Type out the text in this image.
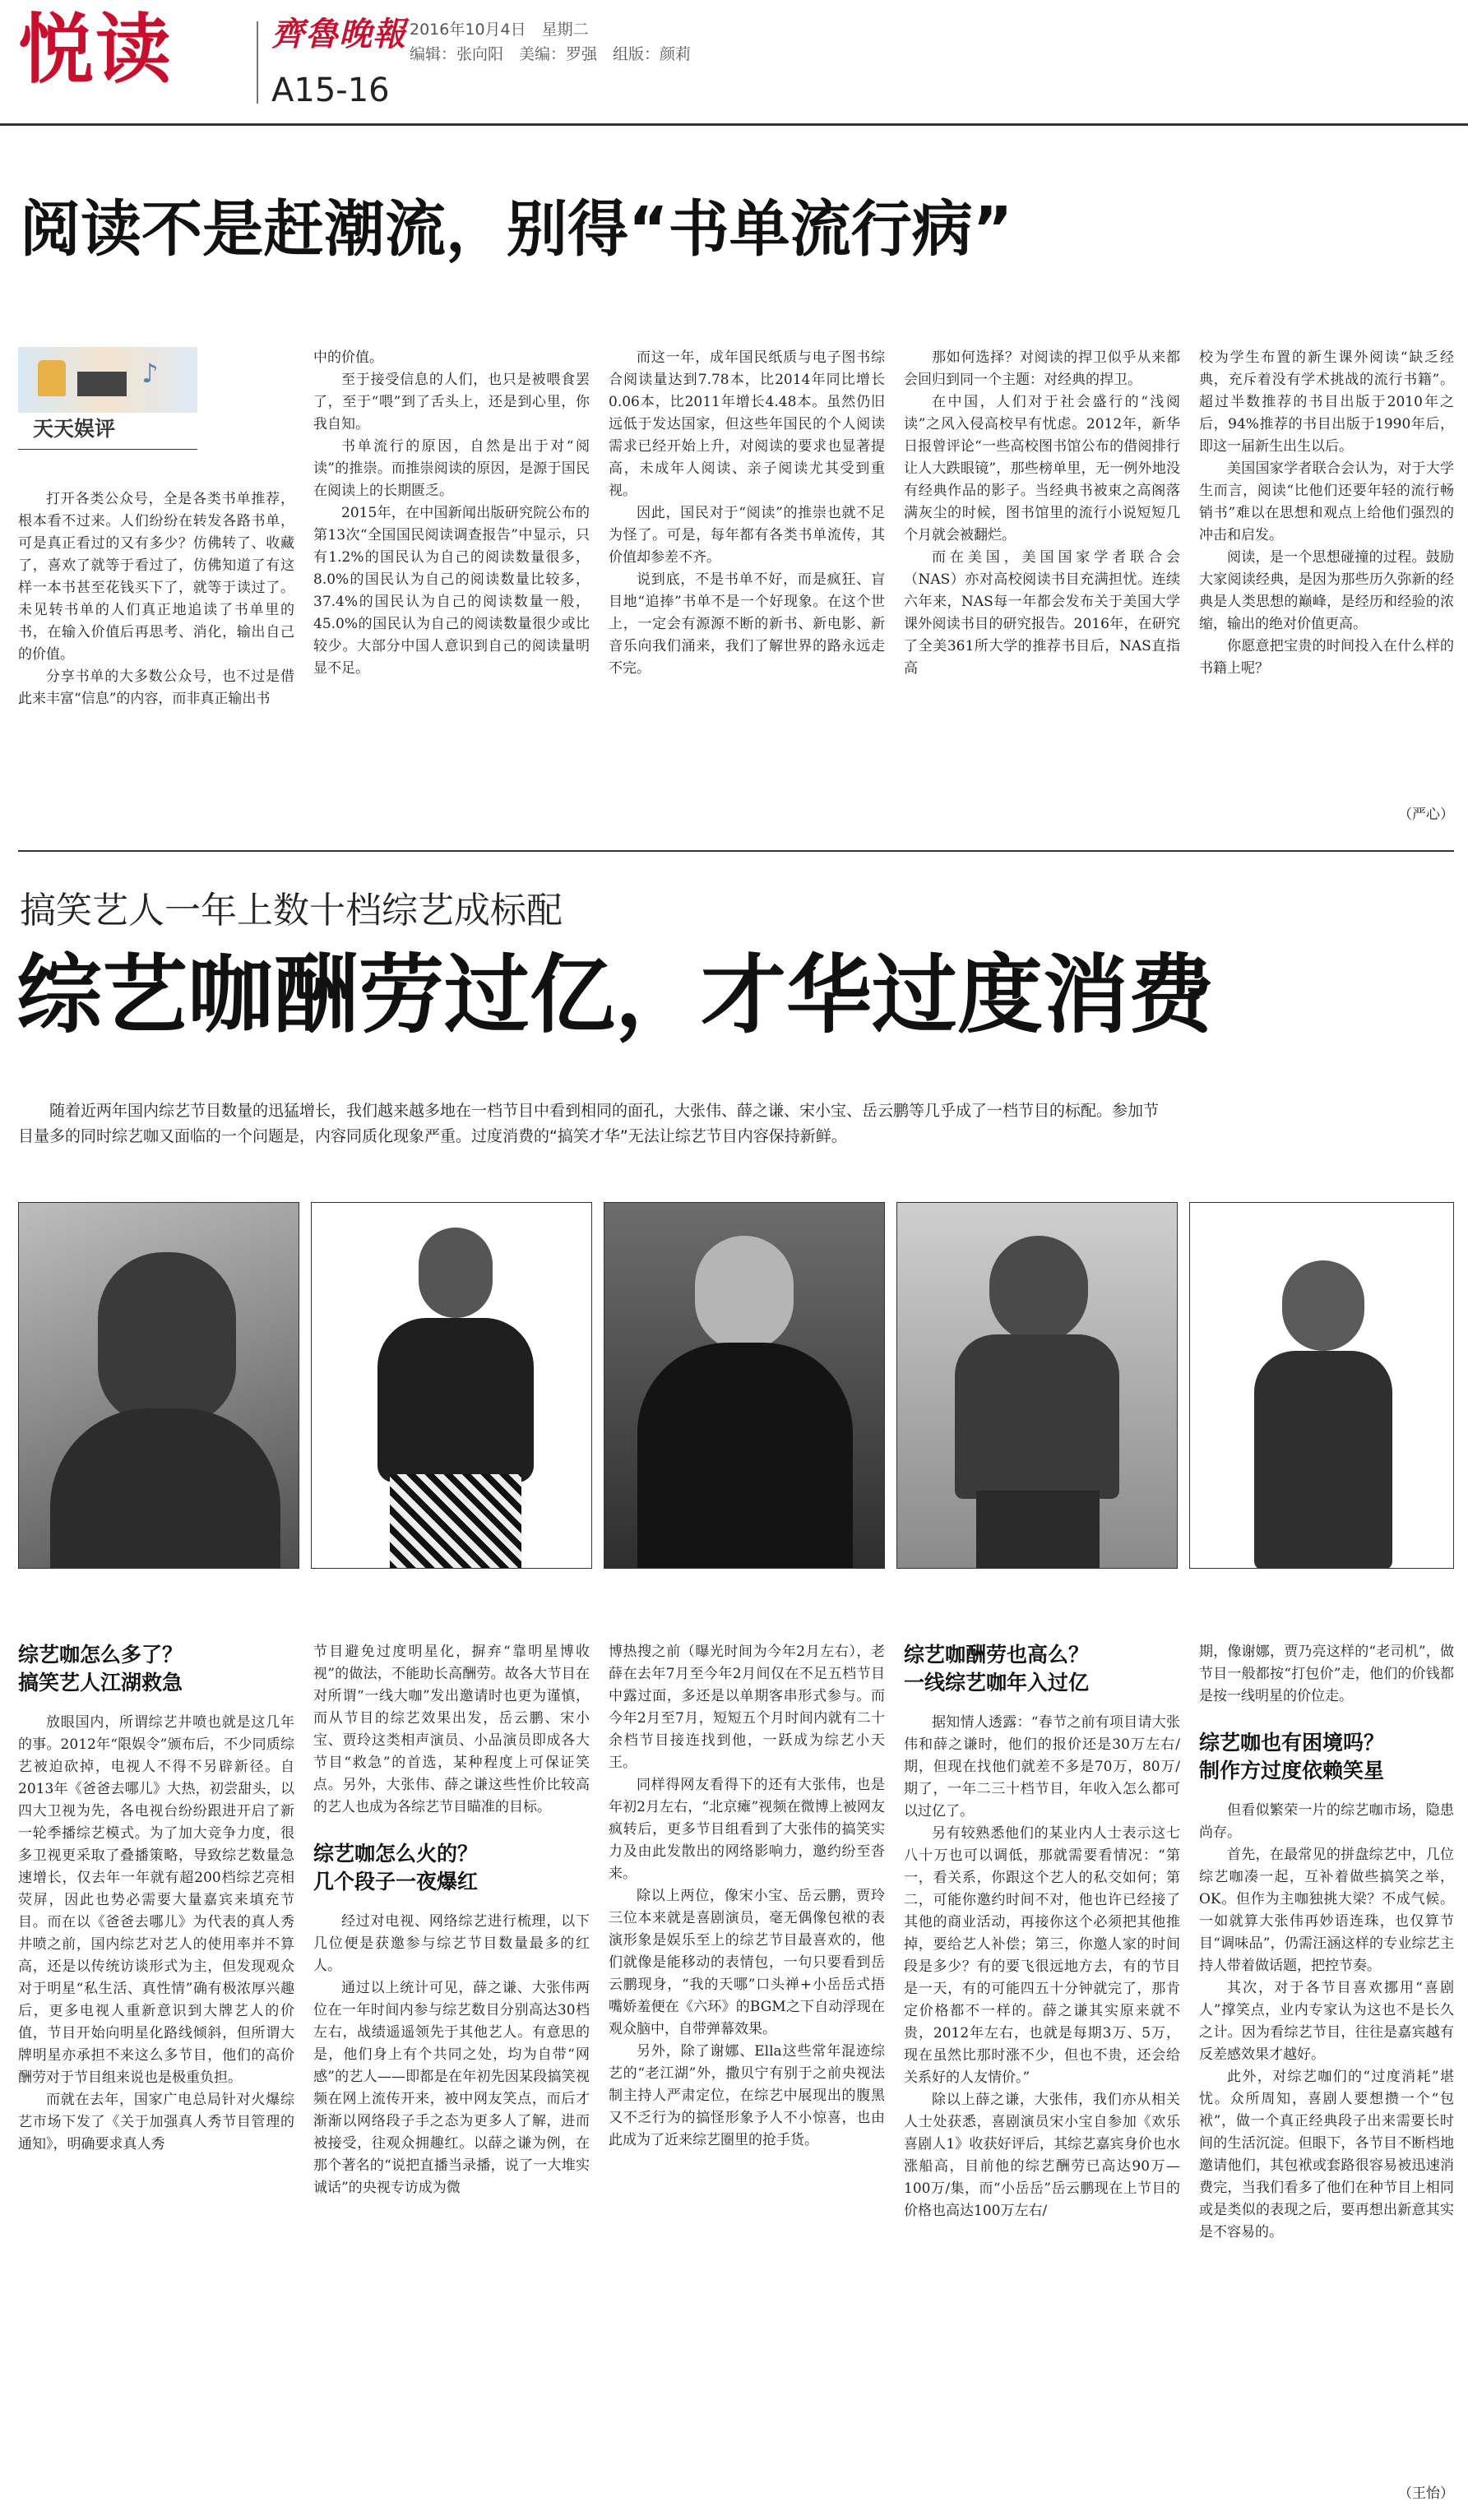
悦读	齊魯晚報 2016年10月4日　星期二
编辑：张向阳　美编：罗强　组版：颜莉
A15-16
阅读不是赶潮流，别得“书单流行病”
♪
天天娱评

打开各类公众号，全是各类书单推荐，根本看不过来。人们纷纷在转发各路书单，可是真正看过的又有多少？仿佛转了、收藏了，喜欢了就等于看过了，仿佛知道了有这样一本书甚至花钱买下了，就等于读过了。未见转书单的人们真正地追读了书单里的书，在输入价值后再思考、消化，输出自己的价值。

分享书单的大多数公众号，也不过是借此来丰富“信息”的内容，而非真正输出书

中的价值。

至于接受信息的人们，也只是被喂食罢了，至于“喂”到了舌头上，还是到心里，你我自知。

书单流行的原因，自然是出于对“阅读”的推崇。而推崇阅读的原因，是源于国民在阅读上的长期匮乏。

2015年，在中国新闻出版研究院公布的第13次“全国国民阅读调查报告”中显示，只有1.2%的国民认为自己的阅读数量很多，8.0%的国民认为自己的阅读数量比较多，37.4%的国民认为自己的阅读数量一般，45.0%的国民认为自己的阅读数量很少或比较少。大部分中国人意识到自己的阅读量明显不足。

而这一年，成年国民纸质与电子图书综合阅读量达到7.78本，比2014年同比增长0.06本，比2011年增长4.48本。虽然仍旧远低于发达国家，但这些年国民的个人阅读需求已经开始上升，对阅读的要求也显著提高，未成年人阅读、亲子阅读尤其受到重视。

因此，国民对于“阅读”的推崇也就不足为怪了。可是，每年都有各类书单流传，其价值却参差不齐。

说到底，不是书单不好，而是疯狂、盲目地“追捧”书单不是一个好现象。在这个世上，一定会有源源不断的新书、新电影、新音乐向我们涌来，我们了解世界的路永远走不完。

那如何选择？对阅读的捍卫似乎从来都会回归到同一个主题：对经典的捍卫。

在中国，人们对于社会盛行的“浅阅读”之风入侵高校早有忧虑。2012年，新华日报曾评论“一些高校图书馆公布的借阅排行让人大跌眼镜”，那些榜单里，无一例外地没有经典作品的影子。当经典书被束之高阁落满灰尘的时候，图书馆里的流行小说短短几个月就会被翻烂。

而在美国，美国国家学者联合会（NAS）亦对高校阅读书目充满担忧。连续六年来，NAS每一年都会发布关于美国大学课外阅读书目的研究报告。2016年，在研究了全美361所大学的推荐书目后，NAS直指高

校为学生布置的新生课外阅读“缺乏经典，充斥着没有学术挑战的流行书籍”。超过半数推荐的书目出版于2010年之后，94%推荐的书目出版于1990年后，即这一届新生出生以后。

美国国家学者联合会认为，对于大学生而言，阅读“比他们还要年轻的流行畅销书”难以在思想和观点上给他们强烈的冲击和启发。

阅读，是一个思想碰撞的过程。鼓励大家阅读经典，是因为那些历久弥新的经典是人类思想的巅峰，是经历和经验的浓缩，输出的绝对价值更高。

你愿意把宝贵的时间投入在什么样的书籍上呢？

（严心）
搞笑艺人一年上数十档综艺成标配
综艺咖酬劳过亿，才华过度消费
随着近两年国内综艺节目数量的迅猛增长，我们越来越多地在一档节目中看到相同的面孔，大张伟、薛之谦、宋小宝、岳云鹏等几乎成了一档节目的标配。参加节目量多的同时综艺咖又面临的一个问题是，内容同质化现象严重。过度消费的“搞笑才华”无法让综艺节目内容保持新鲜。
综艺咖怎么多了？
搞笑艺人江湖救急

放眼国内，所谓综艺井喷也就是这几年的事。2012年“限娱令”颁布后，不少同质综艺被迫砍掉，电视人不得不另辟新径。自2013年《爸爸去哪儿》大热，初尝甜头，以四大卫视为先，各电视台纷纷跟进开启了新一轮季播综艺模式。为了加大竞争力度，很多卫视更采取了叠播策略，导致综艺数量急速增长，仅去年一年就有超200档综艺亮相荧屏，因此也势必需要大量嘉宾来填充节目。而在以《爸爸去哪儿》为代表的真人秀井喷之前，国内综艺对艺人的使用率并不算高，还是以传统访谈形式为主，但发现观众对于明星“私生活、真性情”确有极浓厚兴趣后，更多电视人重新意识到大牌艺人的价值，节目开始向明星化路线倾斜，但所谓大牌明星亦承担不来这么多节目，他们的高价酬劳对于节目组来说也是极重负担。

而就在去年，国家广电总局针对火爆综艺市场下发了《关于加强真人秀节目管理的通知》，明确要求真人秀

节目避免过度明星化，摒弃“靠明星博收视”的做法，不能助长高酬劳。故各大节目在对所谓“一线大咖”发出邀请时也更为谨慎，而从节目的综艺效果出发，岳云鹏、宋小宝、贾玲这类相声演员、小品演员即成各大节目“救急”的首选，某种程度上可保证笑点。另外，大张伟、薛之谦这些性价比较高的艺人也成为各综艺节目瞄准的目标。

综艺咖怎么火的？
几个段子一夜爆红

经过对电视、网络综艺进行梳理，以下几位便是获邀参与综艺节目数量最多的红人。

通过以上统计可见，薛之谦、大张伟两位在一年时间内参与综艺数目分别高达30档左右，战绩遥遥领先于其他艺人。有意思的是，他们身上有个共同之处，均为自带“网感”的艺人——即都是在年初先因某段搞笑视频在网上流传开来，被中网友笑点，而后才渐渐以网络段子手之态为更多人了解，进而被接受，往观众拥趣红。以薛之谦为例，在那个著名的“说把直播当录播，说了一大堆实诚话”的央视专访成为微

博热搜之前（曝光时间为今年2月左右），老薛在去年7月至今年2月间仅在不足五档节目中露过面，多还是以单期客串形式参与。而今年2月至7月，短短五个月时间内就有二十余档节目接连找到他，一跃成为综艺小天王。

同样得网友看得下的还有大张伟，也是年初2月左右，“北京瘫”视频在微博上被网友疯转后，更多节目组看到了大张伟的搞笑实力及由此发散出的网络影响力，邀约纷至沓来。

除以上两位，像宋小宝、岳云鹏，贾玲三位本来就是喜剧演员，毫无偶像包袱的表演形象是娱乐至上的综艺节目最喜欢的，他们就像是能移动的表情包，一句只要看到岳云鹏现身，“我的天哪”口头禅+小岳岳式捂嘴娇羞便在《六环》的BGM之下自动浮现在观众脑中，自带弹幕效果。

另外，除了谢娜、Ella这些常年混迹综艺的“老江湖”外，撒贝宁有别于之前央视法制主持人严肃定位，在综艺中展现出的腹黑又不乏行为的搞怪形象予人不小惊喜，也由此成为了近来综艺圈里的抢手货。

综艺咖酬劳也高么？
一线综艺咖年入过亿

据知情人透露：“春节之前有项目请大张伟和薛之谦时，他们的报价还是30万左右/期，但现在找他们就差不多是70万，80万/期了，一年二三十档节目，年收入怎么都可以过亿了。

另有较熟悉他们的某业内人士表示这七八十万也可以调低，那就需要看情况：“第一，看关系，你跟这个艺人的私交如何；第二，可能你邀约时间不对，他也许已经接了其他的商业活动，再接你这个必须把其他推掉，要给艺人补偿；第三，你邀人家的时间段是多少？有的要飞很远地方去，有的节目是一天，有的可能四五十分钟就完了，那肯定价格都不一样的。薛之谦其实原来就不贵，2012年左右，也就是每期3万、5万，现在虽然比那时涨不少，但也不贵，还会给关系好的人友情价。”

除以上薛之谦，大张伟，我们亦从相关人士处获悉，喜剧演员宋小宝自参加《欢乐喜剧人1》收获好评后，其综艺嘉宾身价也水涨船高，目前他的综艺酬劳已高达90万—100万/集，而“小岳岳”岳云鹏现在上节目的价格也高达100万左右/

期，像谢娜，贾乃亮这样的“老司机”，做节目一般都按“打包价”走，他们的价钱都是按一线明星的价位走。

综艺咖也有困境吗？
制作方过度依赖笑星

但看似繁荣一片的综艺咖市场，隐患尚存。

首先，在最常见的拼盘综艺中，几位综艺咖凑一起，互补着做些搞笑之举，OK。但作为主咖独挑大梁？不成气候。一如就算大张伟再妙语连珠，也仅算节目“调味品”，仍需汪涵这样的专业综艺主持人带着做话题，把控节奏。

其次，对于各节目喜欢挪用“喜剧人”撑笑点，业内专家认为这也不是长久之计。因为看综艺节目，往往是嘉宾越有反差感效果才越好。

此外，对综艺咖们的“过度消耗”堪忧。众所周知，喜剧人要想攒一个“包袱”，做一个真正经典段子出来需要长时间的生活沉淀。但眼下，各节目不断档地邀请他们，其包袱或套路很容易被迅速消费完，当我们看多了他们在种节目上相同或是类似的表现之后，要再想出新意其实是不容易的。

（王怡）
